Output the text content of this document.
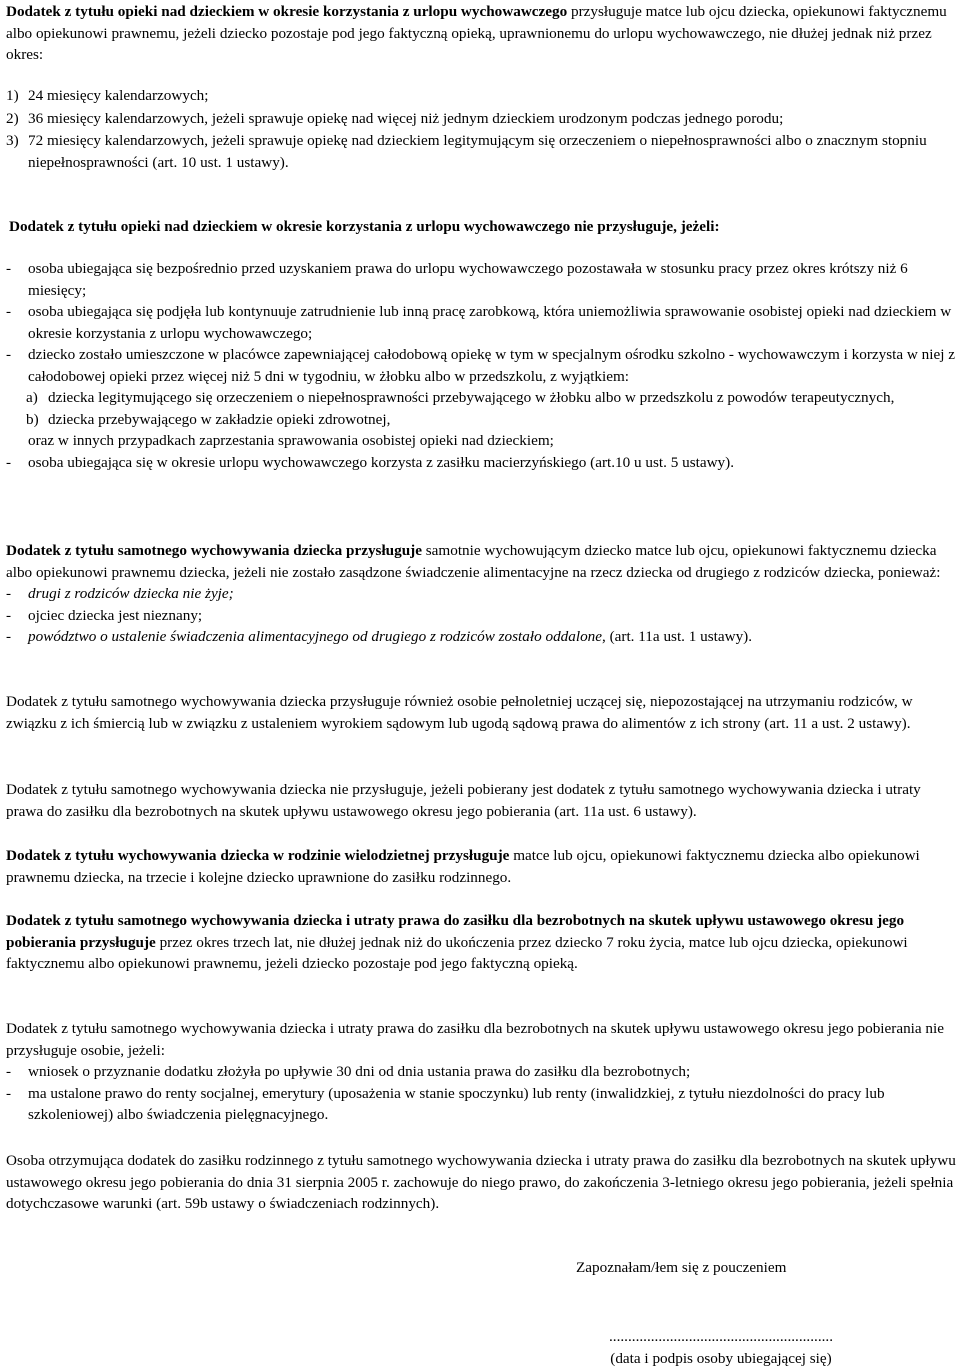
Dodatek z tytułu opieki nad dzieckiem w okresie korzystania z urlopu wychowawczego przysługuje matce lub ojcu dziecka, opiekunowi faktycznemu albo opiekunowi prawnemu, jeżeli dziecko pozostaje pod jego faktyczną opieką, uprawnionemu do urlopu wychowawczego, nie dłużej jednak niż przez okres:

1) 24 miesięcy kalendarzowych;
2) 36 miesięcy kalendarzowych, jeżeli sprawuje opiekę nad więcej niż jednym dzieckiem urodzonym podczas jednego porodu;
3) 72 miesięcy kalendarzowych, jeżeli sprawuje opiekę nad dzieckiem legitymującym się orzeczeniem o niepełnosprawności albo o znacznym stopniu niepełnosprawności (art. 10 ust. 1 ustawy).

Dodatek z tytułu opieki nad dzieckiem w okresie korzystania z urlopu wychowawczego nie przysługuje, jeżeli:

- osoba ubiegająca się bezpośrednio przed uzyskaniem prawa do urlopu wychowawczego pozostawała w stosunku pracy przez okres krótszy niż 6 miesięcy;
- osoba ubiegająca się podjęła lub kontynuuje zatrudnienie lub inną pracę zarobkową, która uniemożliwia sprawowanie osobistej opieki nad dzieckiem w okresie korzystania z urlopu wychowawczego;
- dziecko zostało umieszczone w placówce zapewniającej całodobową opiekę w tym w specjalnym ośrodku szkolno - wychowawczym i korzysta w niej z całodobowej opieki przez więcej niż 5 dni w tygodniu, w żłobku albo w przedszkolu, z wyjątkiem:
a) dziecka legitymującego się orzeczeniem o niepełnosprawności przebywającego w żłobku albo w przedszkolu z powodów terapeutycznych,
b) dziecka przebywającego w zakładzie opieki zdrowotnej,
oraz w innych przypadkach zaprzestania sprawowania osobistej opieki nad dzieckiem;
- osoba ubiegająca się w okresie urlopu wychowawczego korzysta z zasiłku macierzyńskiego (art.10 u ust. 5 ustawy).

Dodatek z tytułu samotnego wychowywania dziecka przysługuje samotnie wychowującym dziecko matce lub ojcu, opiekunowi faktycznemu dziecka albo opiekunowi prawnemu dziecka, jeżeli nie zostało zasądzone świadczenie alimentacyjne na rzecz dziecka od drugiego z rodziców dziecka, ponieważ:

- drugi z rodziców dziecka nie żyje;
- ojciec dziecka jest nieznany;
- powództwo o ustalenie świadczenia alimentacyjnego od drugiego z rodziców zostało oddalone, (art. 11a ust. 1 ustawy).

Dodatek z tytułu samotnego wychowywania dziecka przysługuje również osobie pełnoletniej uczącej się, niepozostającej na utrzymaniu rodziców, w związku z ich śmiercią lub w związku z ustaleniem wyrokiem sądowym lub ugodą sądową prawa do alimentów z ich strony (art. 11 a ust. 2 ustawy).

Dodatek z tytułu samotnego wychowywania dziecka nie przysługuje, jeżeli pobierany jest dodatek z tytułu samotnego wychowywania dziecka i utraty prawa do zasiłku dla bezrobotnych na skutek upływu ustawowego okresu jego pobierania (art. 11a ust. 6 ustawy).

Dodatek z tytułu wychowywania dziecka w rodzinie wielodzietnej przysługuje matce lub ojcu, opiekunowi faktycznemu dziecka albo opiekunowi prawnemu dziecka, na trzecie i kolejne dziecko uprawnione do zasiłku rodzinnego.

Dodatek z tytułu samotnego wychowywania dziecka i utraty prawa do zasiłku dla bezrobotnych na skutek upływu ustawowego okresu jego pobierania przysługuje przez okres trzech lat, nie dłużej jednak niż do ukończenia przez dziecko 7 roku życia, matce lub ojcu dziecka, opiekunowi faktycznemu albo opiekunowi prawnemu, jeżeli dziecko pozostaje pod jego faktyczną opieką.

Dodatek z tytułu samotnego wychowywania dziecka i utraty prawa do zasiłku dla bezrobotnych na skutek upływu ustawowego okresu jego pobierania nie przysługuje osobie, jeżeli:

- wniosek o przyznanie dodatku złożyła po upływie 30 dni od dnia ustania prawa do zasiłku dla bezrobotnych;
- ma ustalone prawo do renty socjalnej, emerytury (uposażenia w stanie spoczynku) lub renty (inwalidzkiej, z tytułu niezdolności do pracy lub szkoleniowej) albo świadczenia pielęgnacyjnego.

Osoba otrzymująca dodatek do zasiłku rodzinnego z tytułu samotnego wychowywania dziecka i utraty prawa do zasiłku dla bezrobotnych na skutek upływu ustawowego okresu jego pobierania do dnia 31 sierpnia 2005 r. zachowuje do niego prawo, do zakończenia 3-letniego okresu jego pobierania, jeżeli spełnia dotychczasowe warunki (art. 59b ustawy o świadczeniach rodzinnych).

Zapoznałam/łem się z pouczeniem
...........................................................
(data i podpis osoby ubiegającej się)
